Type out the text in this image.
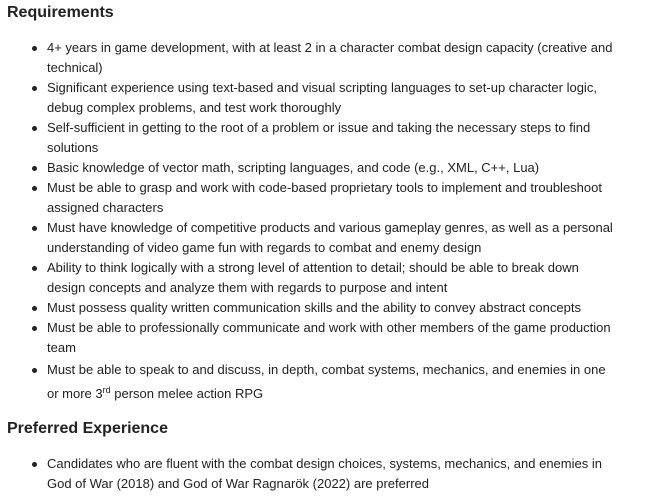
Requirements
4+ years in game development, with at least 2 in a character combat design capacity (creative and technical)
Significant experience using text-based and visual scripting languages to set-up character logic, debug complex problems, and test work thoroughly
Self-sufficient in getting to the root of a problem or issue and taking the necessary steps to find solutions
Basic knowledge of vector math, scripting languages, and code (e.g., XML, C++, Lua)
Must be able to grasp and work with code-based proprietary tools to implement and troubleshoot assigned characters
Must have knowledge of competitive products and various gameplay genres, as well as a personal understanding of video game fun with regards to combat and enemy design
Ability to think logically with a strong level of attention to detail; should be able to break down design concepts and analyze them with regards to purpose and intent
Must possess quality written communication skills and the ability to convey abstract concepts
Must be able to professionally communicate and work with other members of the game production team
Must be able to speak to and discuss, in depth, combat systems, mechanics, and enemies in one or more 3rd person melee action RPG
Preferred Experience
Candidates who are fluent with the combat design choices, systems, mechanics, and enemies in God of War (2018) and God of War Ragnarök (2022) are preferred
